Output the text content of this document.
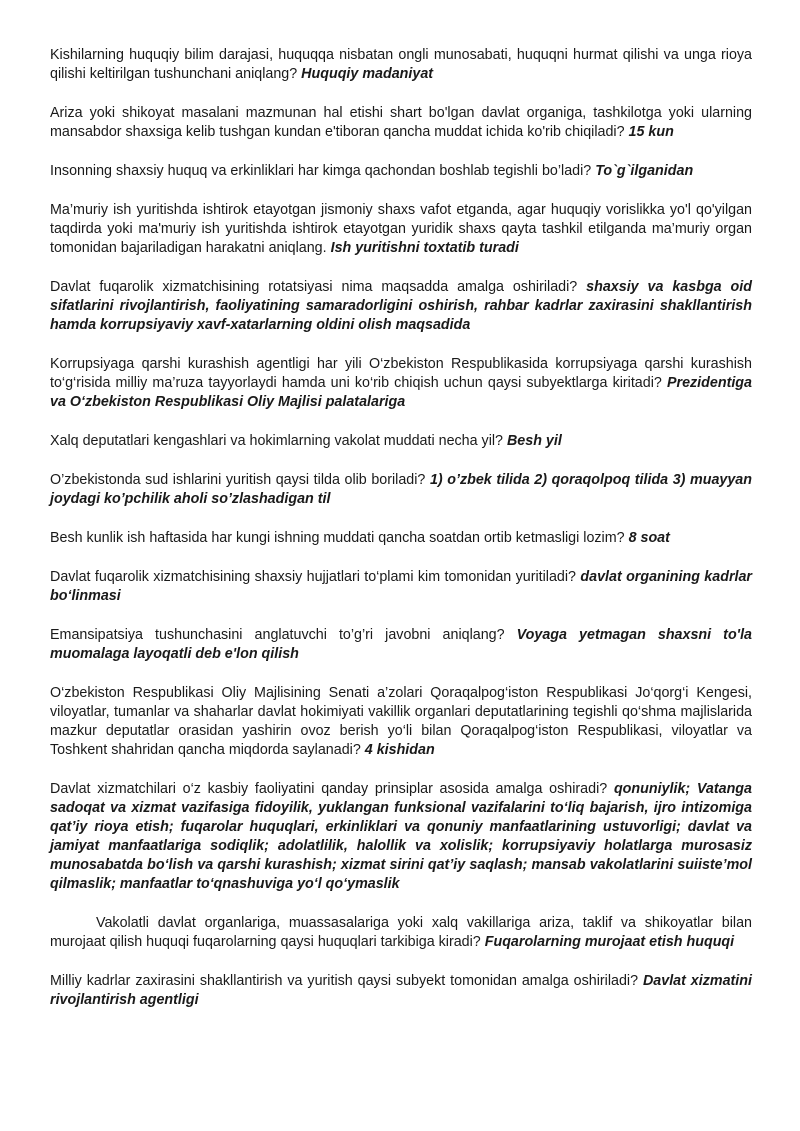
Kishilarning huquqiy bilim darajasi, huquqqa nisbatan ongli munosabati, huquqni hurmat qilishi va unga rioya qilishi keltirilgan tushunchani aniqlang? Huquqiy madaniyat

Ariza yoki shikoyat masalani mazmunan hal etishi shart bo'lgan davlat organiga, tashkilotga yoki ularning mansabdor shaxsiga kelib tushgan kundan e'tiboran qancha muddat ichida ko'rib chiqiladi? 15 kun

Insonning shaxsiy huquq va erkinliklari har kimga qachondan boshlab tegishli bo’ladi? To`g`ilganidan

Ma’muriy ish yuritishda ishtirok etayotgan jismoniy shaxs vafot etganda, agar huquqiy vorislikka yo'l qo'yilgan taqdirda yoki ma'muriy ish yuritishda ishtirok etayotgan yuridik shaxs qayta tashkil etilganda ma’muriy organ tomonidan bajariladigan harakatni aniqlang. Ish yuritishni toxtatib turadi

Davlat fuqarolik xizmatchisining rotatsiyasi nima maqsadda amalga oshiriladi? shaxsiy va kasbga oid sifatlarini rivojlantirish, faoliyatining samaradorligini oshirish, rahbar kadrlar zaxirasini shakllantirish hamda korrupsiyaviy xavf-xatarlarning oldini olish maqsadida

Korrupsiyaga qarshi kurashish agentligi har yili O‘zbekiston Respublikasida korrupsiyaga qarshi kurashish to‘g‘risida milliy ma’ruza tayyorlaydi hamda uni ko‘rib chiqish uchun qaysi subyektlarga kiritadi? Prezidentiga va O‘zbekiston Respublikasi Oliy Majlisi palatalariga

Xalq deputatlari kengashlari va hokimlarning vakolat muddati necha yil? Besh yil

O’zbekistonda sud ishlarini yuritish qaysi tilda olib boriladi? 1) o’zbek tilida 2) qoraqolpoq tilida 3) muayyan joydagi ko’pchilik aholi so’zlashadigan til

Besh kunlik ish haftasida har kungi ishning muddati qancha soatdan ortib ketmasligi lozim? 8 soat

Davlat fuqarolik xizmatchisining shaxsiy hujjatlari to‘plami kim tomonidan yuritiladi? davlat organining kadrlar bo‘linmasi

Emansipatsiya tushunchasini anglatuvchi to’g’ri javobni aniqlang? Voyaga yetmagan shaxsni to'la muomalaga layoqatli deb e'lon qilish

O‘zbekiston Respublikasi Oliy Majlisining Senati a’zolari Qoraqalpog‘iston Respublikasi Jo‘qorg‘i Kengesi, viloyatlar, tumanlar va shaharlar davlat hokimiyati vakillik organlari deputatlarining tegishli qo‘shma majlislarida mazkur deputatlar orasidan yashirin ovoz berish yo‘li bilan Qoraqalpog‘iston Respublikasi, viloyatlar va Toshkent shahridan qancha miqdorda saylanadi? 4 kishidan

Davlat xizmatchilari o‘z kasbiy faoliyatini qanday prinsiplar asosida amalga oshiradi? qonuniylik; Vatanga sadoqat va xizmat vazifasiga fidoyilik, yuklangan funksional vazifalarini to‘liq bajarish, ijro intizomiga qat’iy rioya etish; fuqarolar huquqlari, erkinliklari va qonuniy manfaatlarining ustuvorligi; davlat va jamiyat manfaatlariga sodiqlik; adolatlilik, halollik va xolislik; korrupsiyaviy holatlarga murosasiz munosabatda bo‘lish va qarshi kurashish; xizmat sirini qat’iy saqlash; mansab vakolatlarini suiiste’mol qilmaslik; manfaatlar to‘qnashuviga yo‘l qo‘ymaslik

Vakolatli davlat organlariga, muassasalariga yoki xalq vakillariga ariza, taklif va shikoyatlar bilan murojaat qilish huquqi fuqarolarning qaysi huquqlari tarkibiga kiradi? Fuqarolarning murojaat etish huquqi

Milliy kadrlar zaxirasini shakllantirish va yuritish qaysi subyekt tomonidan amalga oshiriladi? Davlat xizmatini rivojlantirish agentligi
